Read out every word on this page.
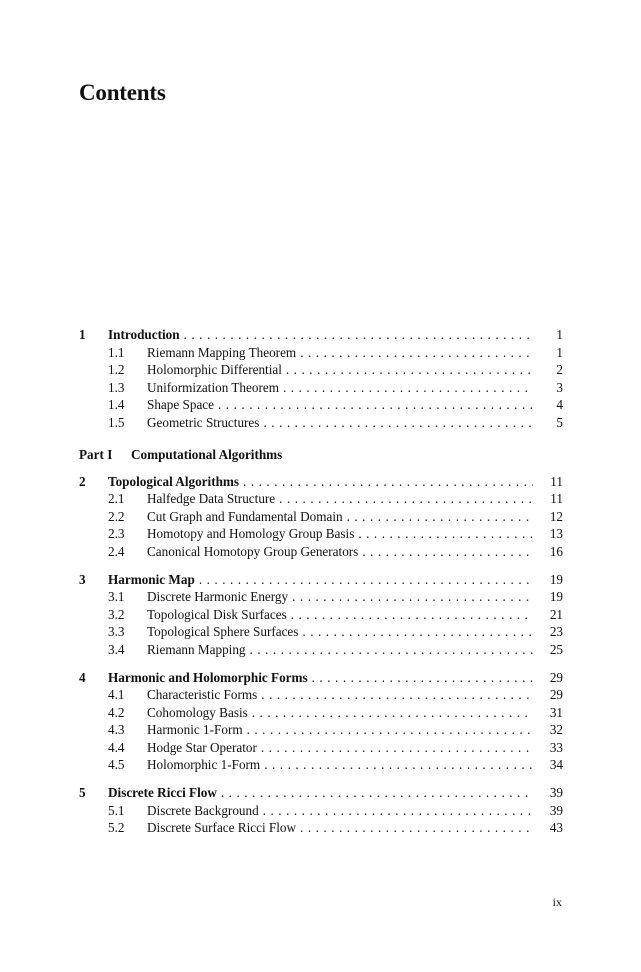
Contents
1	Introduction . . .	1
1.1	Riemann Mapping Theorem . . .	1
1.2	Holomorphic Differential . . .	2
1.3	Uniformization Theorem . . .	3
1.4	Shape Space . . .	4
1.5	Geometric Structures . . .	5
Part I	Computational Algorithms
2	Topological Algorithms . . .	11
2.1	Halfedge Data Structure . . .	11
2.2	Cut Graph and Fundamental Domain . . .	12
2.3	Homotopy and Homology Group Basis . . .	13
2.4	Canonical Homotopy Group Generators . . .	16
3	Harmonic Map . . .	19
3.1	Discrete Harmonic Energy . . .	19
3.2	Topological Disk Surfaces . . .	21
3.3	Topological Sphere Surfaces . . .	23
3.4	Riemann Mapping . . .	25
4	Harmonic and Holomorphic Forms . . .	29
4.1	Characteristic Forms . . .	29
4.2	Cohomology Basis . . .	31
4.3	Harmonic 1-Form . . .	32
4.4	Hodge Star Operator . . .	33
4.5	Holomorphic 1-Form . . .	34
5	Discrete Ricci Flow . . .	39
5.1	Discrete Background . . .	39
5.2	Discrete Surface Ricci Flow . . .	43
ix
